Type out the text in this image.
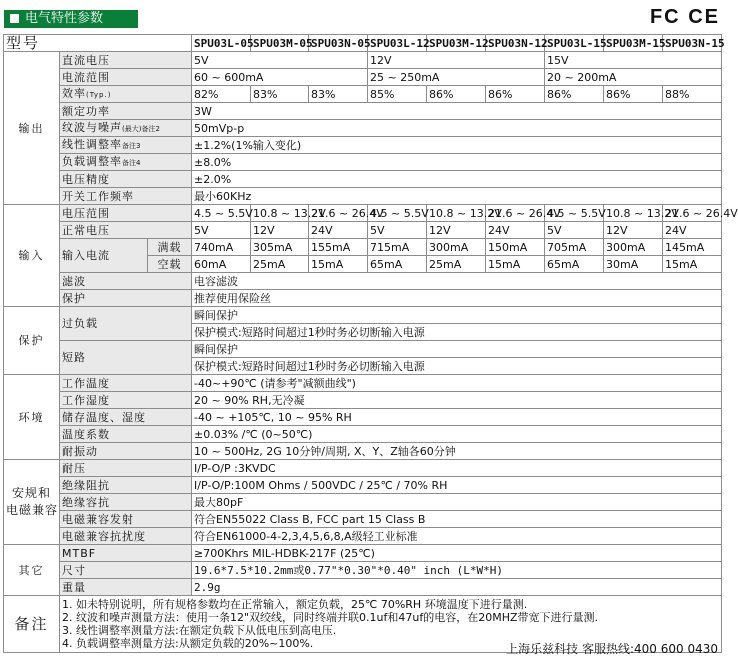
电气特性参数	FC CE
型号			SPU03L-05	SPU03M-05	SPU03N-05	SPU03L-12	SPU03M-12	SPU03N-12	SPU03L-15	SPU03M-15	SPU03N-15
输出	直流电压		5V			12V			15V		
	电流范围		60 ~ 600mA			25 ~ 250mA			20 ~ 200mA		
	效率(Typ.)		82%	83%	83%	85%	86%	86%	86%	86%	88%
	额定功率		3W								
	纹波与噪声(最大)备注2		50mVp-p								
	线性调整率备注3		±1.2%(1%输入变化)								
	负载调整率备注4		±8.0%								
	电压精度		±2.0%								
	开关工作频率		最小60KHz								
输入	电压范围		4.5 ~ 5.5V	10.8 ~ 13.2V	21.6 ~ 26.4V	4.5 ~ 5.5V	10.8 ~ 13.2V	21.6 ~ 26.4V	4.5 ~ 5.5V	10.8 ~ 13.2V	21.6 ~ 26.4V
	正常电压		5V	12V	24V	5V	12V	24V	5V	12V	24V
	输入电流	满载	740mA	305mA	155mA	715mA	300mA	150mA	705mA	300mA	145mA
		空载	60mA	25mA	15mA	65mA	25mA	15mA	65mA	30mA	15mA
	滤波		电容滤波								
	保护		推荐使用保险丝								
保护	过负载		瞬间保护								
			保护模式:短路时间超过1秒时务必切断输入电源								
	短路		瞬间保护								
			保护模式:短路时间超过1秒时务必切断输入电源								
环境	工作温度		-40~+90℃ (请参考"减额曲线")								
	工作湿度		20 ~ 90% RH,无冷凝								
	储存温度、湿度		-40 ~ +105℃, 10 ~ 95% RH								
	温度系数		±0.03% /℃ (0~50℃)								
	耐振动		10 ~ 500Hz, 2G 10分钟/周期, X、Y、Z轴各60分钟								
安规和
电磁兼容	耐压		I/P-O/P :3KVDC								
	绝缘阻抗		I/P-O/P:100M Ohms / 500VDC / 25℃ / 70% RH								
	绝缘容抗		最大80pF								
	电磁兼容发射		符合EN55022 Class B, FCC part 15 Class B								
	电磁兼容抗扰度		符合EN61000-4-2,3,4,5,6,8,A级轻工业标准								
其它	MTBF		≥700Khrs MIL-HDBK-217F (25℃)								
	尺寸		19.6*7.5*10.2mm或0.77"*0.30"*0.40" inch (L*W*H)								
	重量		2.9g								
备注	1. 如未特别说明，所有规格参数均在正常输入，额定负载，25℃ 70%RH 环境温度下进行量测.
2. 纹波和噪声测量方法：使用一条12"双绞线，同时终端并联0.1uf和47uf的电容，在20MHZ带宽下进行量测.
3. 线性调整率测量方法:在额定负载下从低电压到高电压.
4. 负载调整率测量方法:从额定负载的20%~100%.											上海乐兹科技 客服热线:400 600 0430
